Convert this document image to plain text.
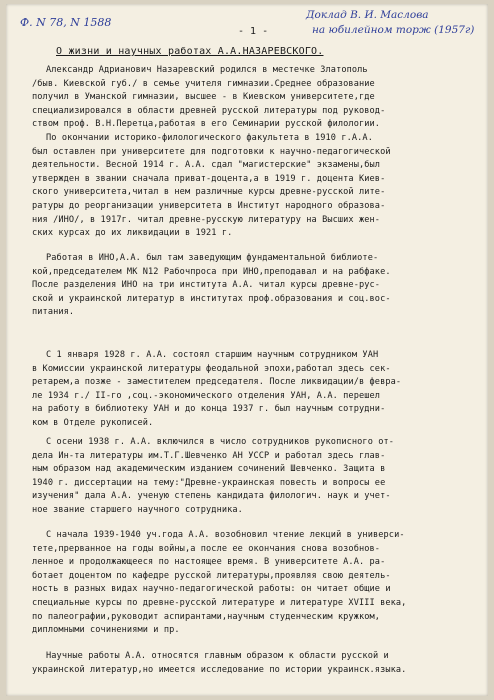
Ф. N 78, N 1588
Доклад В. И. Маслова
на юбилейном торж (1957г)
- 1 -
О жизни и научных работах А.А.НАЗАРЕВСКОГО.
Александр Адрианович Назаревский родился в местечке Златополь
/быв. Киевской губ./ в семье учителя гимназии.Среднее образование
получил в Уманской гимназии, высшее - в Киевском университете,где
специализировался в области древней русской литературы под руковод-
ством проф. В.Н.Перетца,работая в его Семинарии русской филологии.
По окончании историко-филологического факультета в 1910 г.А.А.
был оставлен при университете для подготовки к научно-педагогической
деятельности. Весной 1914 г. А.А. сдал "магистерские" экзамены,был
утвержден в звании сначала приват-доцента,а в 1919 г. доцента Киев-
ского университета,читал в нем различные курсы древне-русской лите-
ратуры до реорганизации университета в Институт народного образова-
ния /ИНО/, в 1917г. читал древне-русскую литературу на Высших жен-
ских курсах до их ликвидации в 1921 г.
Работая в ИНО,А.А. был там заведующим фундаментальной библиоте-
кой,председателем МК N12 Рабочпроса при ИНО,преподавал и на рабфаке.
После разделения ИНО на три института А.А. читал курсы древне-рус-
ской и украинской литератур в институтах проф.образования и соц.вос-
питания.
С 1 января 1928 г. А.А. состоял старшим научным сотрудником УАН
в Комиссии украинской литературы феодальной эпохи,работал здесь сек-
ретарем,а позже - заместителем председателя. После ликвидации/в февра-
ле 1934 г./ II-го ,соц.-экономического отделения УАН, А.А. перешел
на работу в библиотеку УАН и до конца 1937 г. был научным сотрудни-
ком в Отделе рукописей.
С осени 1938 г. А.А. включился в число сотрудников рукописного от-
дела Ин-та литературы им.Т.Г.Шевченко АН УССР и работал здесь глав-
ным образом над академическим изданием сочинений Шевченко. Защита в
1940 г. диссертации на тему:"Древне-украинская повесть и вопросы ее
изучения" дала А.А. ученую степень кандидата филологич. наук и учет-
ное звание старшего научного сотрудника.
С начала 1939-1940 уч.года А.А. возобновил чтение лекций в универси-
тете,прерванное на годы войны,а после ее окончания снова возобнов-
ленное и продолжающееся по настоящее время. В университете А.А. ра-
ботает доцентом по кафедре русской литературы,проявляя свою деятель-
ность в разных видах научно-педагогической работы: он читает общие и
специальные курсы по древне-русской литературе и литературе XVIII века,
по палеографии,руководит аспирантами,научным студенческим кружком,
дипломными сочинениями и пр.
Научные работы А.А. относятся главным образом к области русской и
украинской литератур,но имеется исследование по истории украинск.языка.
